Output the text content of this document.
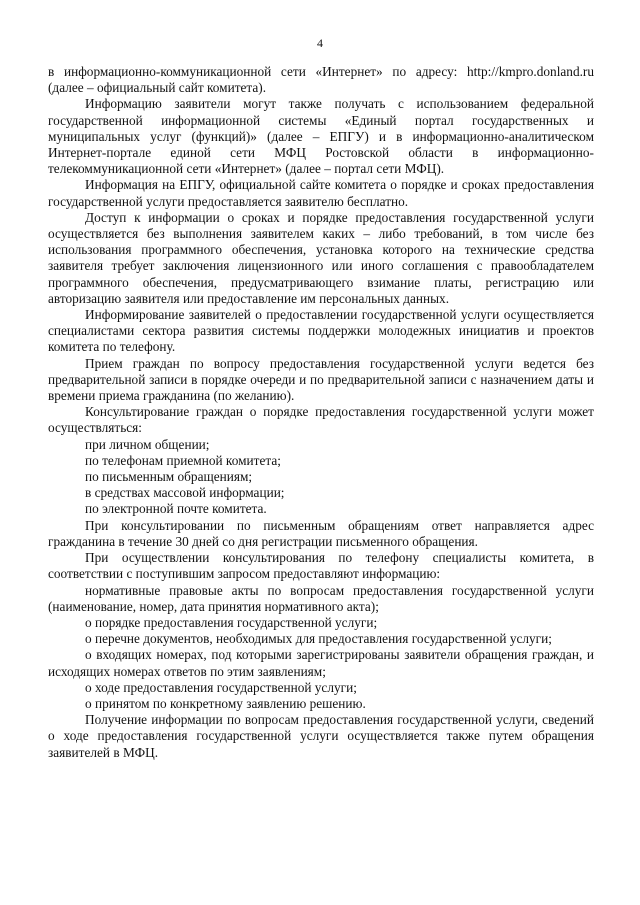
4

в информационно-коммуникационной сети «Интернет» по адресу: http://kmpro.donland.ru (далее – официальный сайт комитета).

Информацию заявители могут также получать с использованием федеральной государственной информационной системы «Единый портал государственных и муниципальных услуг (функций)» (далее – ЕПГУ) и в информационно-аналитическом Интернет-портале единой сети МФЦ Ростовской области в информационно-телекоммуникационной сети «Интернет» (далее – портал сети МФЦ).

Информация на ЕПГУ, официальной сайте комитета о порядке и сроках предоставления государственной услуги предоставляется заявителю бесплатно.

Доступ к информации о сроках и порядке предоставления государственной услуги осуществляется без выполнения заявителем каких – либо требований, в том числе без использования программного обеспечения, установка которого на технические средства заявителя требует заключения лицензионного или иного соглашения с правообладателем программного обеспечения, предусматривающего взимание платы, регистрацию или авторизацию заявителя или предоставление им персональных данных.

Информирование заявителей о предоставлении государственной услуги осуществляется специалистами сектора развития системы поддержки молодежных инициатив и проектов комитета по телефону.

Прием граждан по вопросу предоставления государственной услуги ведется без предварительной записи в порядке очереди и по предварительной записи с назначением даты и времени приема гражданина (по желанию).

Консультирование граждан о порядке предоставления государственной услуги может осуществляться:

при личном общении;

по телефонам приемной комитета;

по письменным обращениям;

в средствах массовой информации;

по электронной почте комитета.

При консультировании по письменным обращениям ответ направляется адрес гражданина в течение 30 дней со дня регистрации письменного обращения.

При осуществлении консультирования по телефону специалисты комитета, в соответствии с поступившим запросом предоставляют информацию:

нормативные правовые акты по вопросам предоставления государственной услуги (наименование, номер, дата принятия нормативного акта);

о порядке предоставления государственной услуги;

о перечне документов, необходимых для предоставления государственной услуги;

о входящих номерах, под которыми зарегистрированы заявители обращения граждан, и исходящих номерах ответов по этим заявлениям;

о ходе предоставления государственной услуги;

о принятом по конкретному заявлению решению.

Получение информации по вопросам предоставления государственной услуги, сведений о ходе предоставления государственной услуги осуществляется также путем обращения заявителей в МФЦ.
